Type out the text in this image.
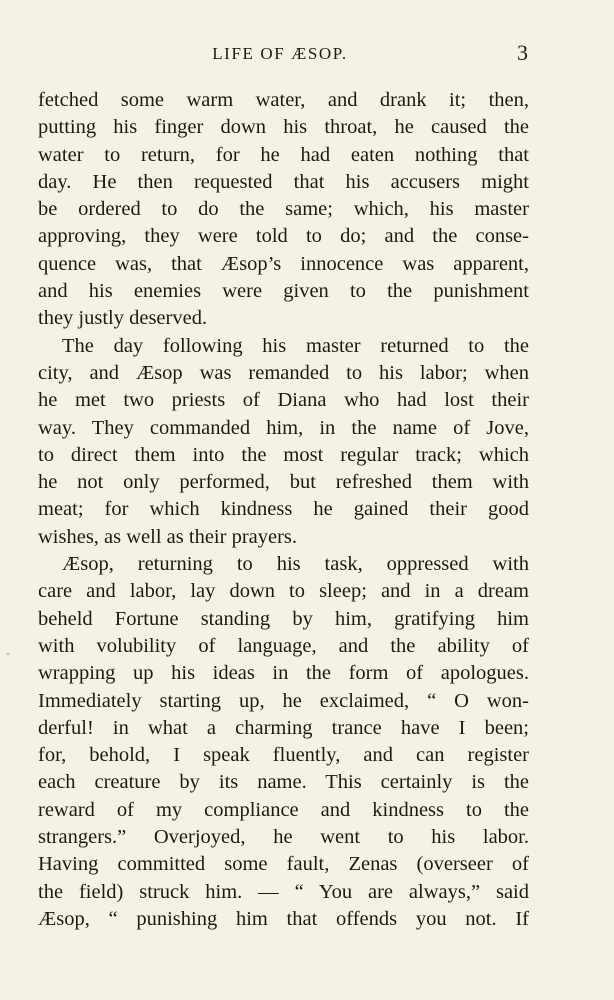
LIFE OF ÆSOP.	3
fetched some warm water, and drank it; then,
putting his finger down his throat, he caused the
water to return, for he had eaten nothing that
day. He then requested that his accusers might
be ordered to do the same; which, his master
approving, they were told to do; and the conse-
quence was, that Æsop’s innocence was apparent,
and his enemies were given to the punishment
they justly deserved.
The day following his master returned to the
city, and Æsop was remanded to his labor; when
he met two priests of Diana who had lost their
way. They commanded him, in the name of Jove,
to direct them into the most regular track; which
he not only performed, but refreshed them with
meat; for which kindness he gained their good
wishes, as well as their prayers.
Æsop, returning to his task, oppressed with
care and labor, lay down to sleep; and in a dream
beheld Fortune standing by him, gratifying him
with volubility of language, and the ability of
wrapping up his ideas in the form of apologues.
Immediately starting up, he exclaimed, “ O won-
derful! in what a charming trance have I been;
for, behold, I speak fluently, and can register
each creature by its name. This certainly is the
reward of my compliance and kindness to the
strangers.” Overjoyed, he went to his labor.
Having committed some fault, Zenas (overseer of
the field) struck him. — “ You are always,” said
Æsop, “ punishing him that offends you not. If
-
